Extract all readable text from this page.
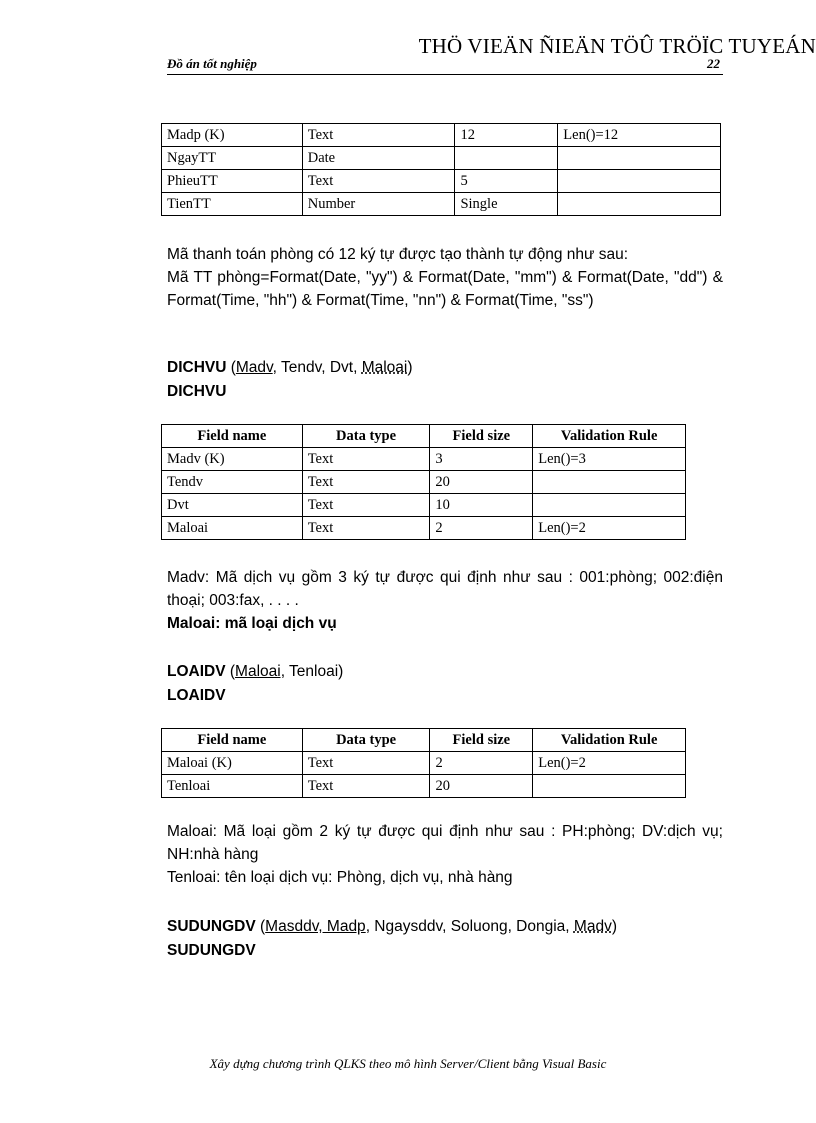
THÖ VIEÄN ÑIEÄN TÖÛ TRÖÏC TUYEÁN
Đồ án tốt nghiệp	22
Madp (K)	Text	12	Len()=12
NgayTT	Date		
PhieuTT	Text	5	
TienTT	Number	Single	

Mã thanh toán phòng có 12 ký tự được tạo thành tự động như sau:

Mã TT phòng=Format(Date, "yy") & Format(Date, "mm") & Format(Date, "dd") & Format(Time, "hh") & Format(Time, "nn") & Format(Time, "ss")

DICHVU (Madv, Tendv, Dvt, Maloai)
DICHVU
Field name	Data type	Field size	Validation Rule
Madv (K)	Text	3	Len()=3
Tendv	Text	20	
Dvt	Text	10	
Maloai	Text	2	Len()=2

Madv: Mã dịch vụ gồm 3 ký tự được qui định như sau : 001:phòng; 002:điện thoại; 003:fax, . . . .

Maloai: mã loại dịch vụ

LOAIDV (Maloai, Tenloai)
LOAIDV
Field name	Data type	Field size	Validation Rule
Maloai (K)	Text	2	Len()=2
Tenloai	Text	20	

Maloai: Mã loại gồm 2 ký tự được qui định như sau : PH:phòng; DV:dịch vụ; NH:nhà hàng

Tenloai: tên loại dịch vụ: Phòng, dịch vụ, nhà hàng

SUDUNGDV (Masddv, Madp, Ngaysddv, Soluong, Dongia, Madv)
SUDUNGDV
Xây dựng chương trình QLKS theo mô hình Server/Client bằng Visual Basic
